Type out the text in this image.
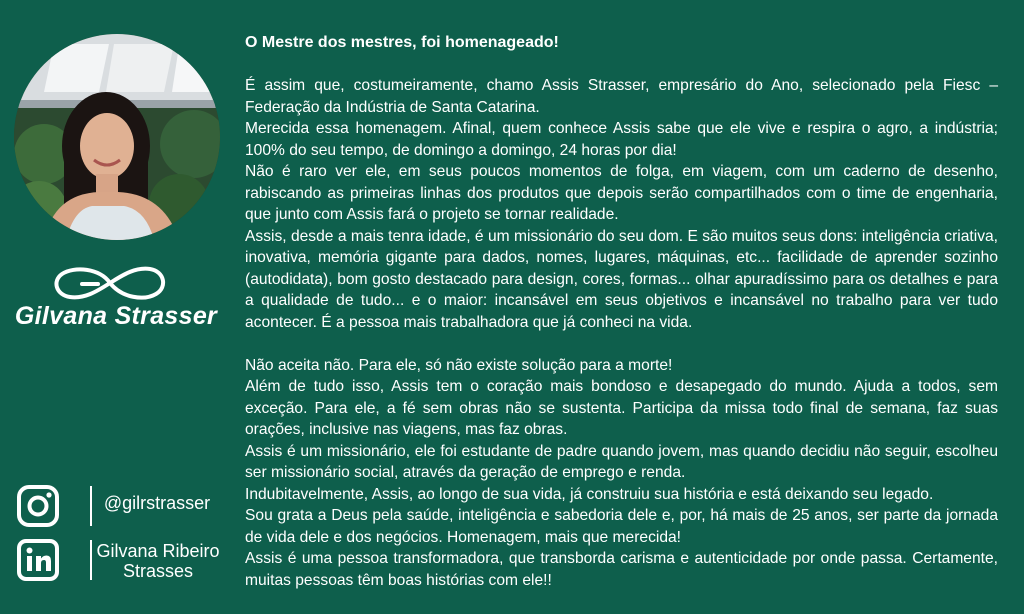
Gilvana Strasser
@gilrstrasser
Gilvana Ribeiro Strasses
O Mestre dos mestres, foi homenageado!

É assim que, costumeiramente, chamo Assis Strasser, empresário do Ano, selecionado pela Fiesc – Federação da Indústria de Santa Catarina.

Merecida essa homenagem. Afinal, quem conhece Assis sabe que ele vive e respira o agro, a indústria; 100% do seu tempo, de domingo a domingo, 24 horas por dia!

Não é raro ver ele, em seus poucos momentos de folga, em viagem, com um caderno de desenho, rabiscando as primeiras linhas dos produtos que depois serão compartilhados com o time de engenharia, que junto com Assis fará o projeto se tornar realidade.

Assis, desde a mais tenra idade, é um missionário do seu dom. E são muitos seus dons: inteligência criativa, inovativa, memória gigante para dados, nomes, lugares, máquinas, etc... facilidade de aprender sozinho (autodidata), bom gosto destacado para design, cores, formas... olhar apuradíssimo para os detalhes e para a qualidade de tudo... e o maior: incansável em seus objetivos e incansável no trabalho para ver tudo acontecer. É a pessoa mais trabalhadora que já conheci na vida.

Não aceita não. Para ele, só não existe solução para a morte!

Além de tudo isso, Assis tem o coração mais bondoso e desapegado do mundo. Ajuda a todos, sem exceção. Para ele, a fé sem obras não se sustenta. Participa da missa todo final de semana, faz suas orações, inclusive nas viagens, mas faz obras.

Assis é um missionário, ele foi estudante de padre quando jovem, mas quando decidiu não seguir, escolheu ser missionário social, através da geração de emprego e renda.

Indubitavelmente, Assis, ao longo de sua vida, já construiu sua história e está deixando seu legado.

Sou grata a Deus pela saúde, inteligência e sabedoria dele e, por, há mais de 25 anos, ser parte da jornada de vida dele e dos negócios. Homenagem, mais que merecida!

Assis é uma pessoa transformadora, que transborda carisma e autenticidade por onde passa. Certamente, muitas pessoas têm boas histórias com ele!!
